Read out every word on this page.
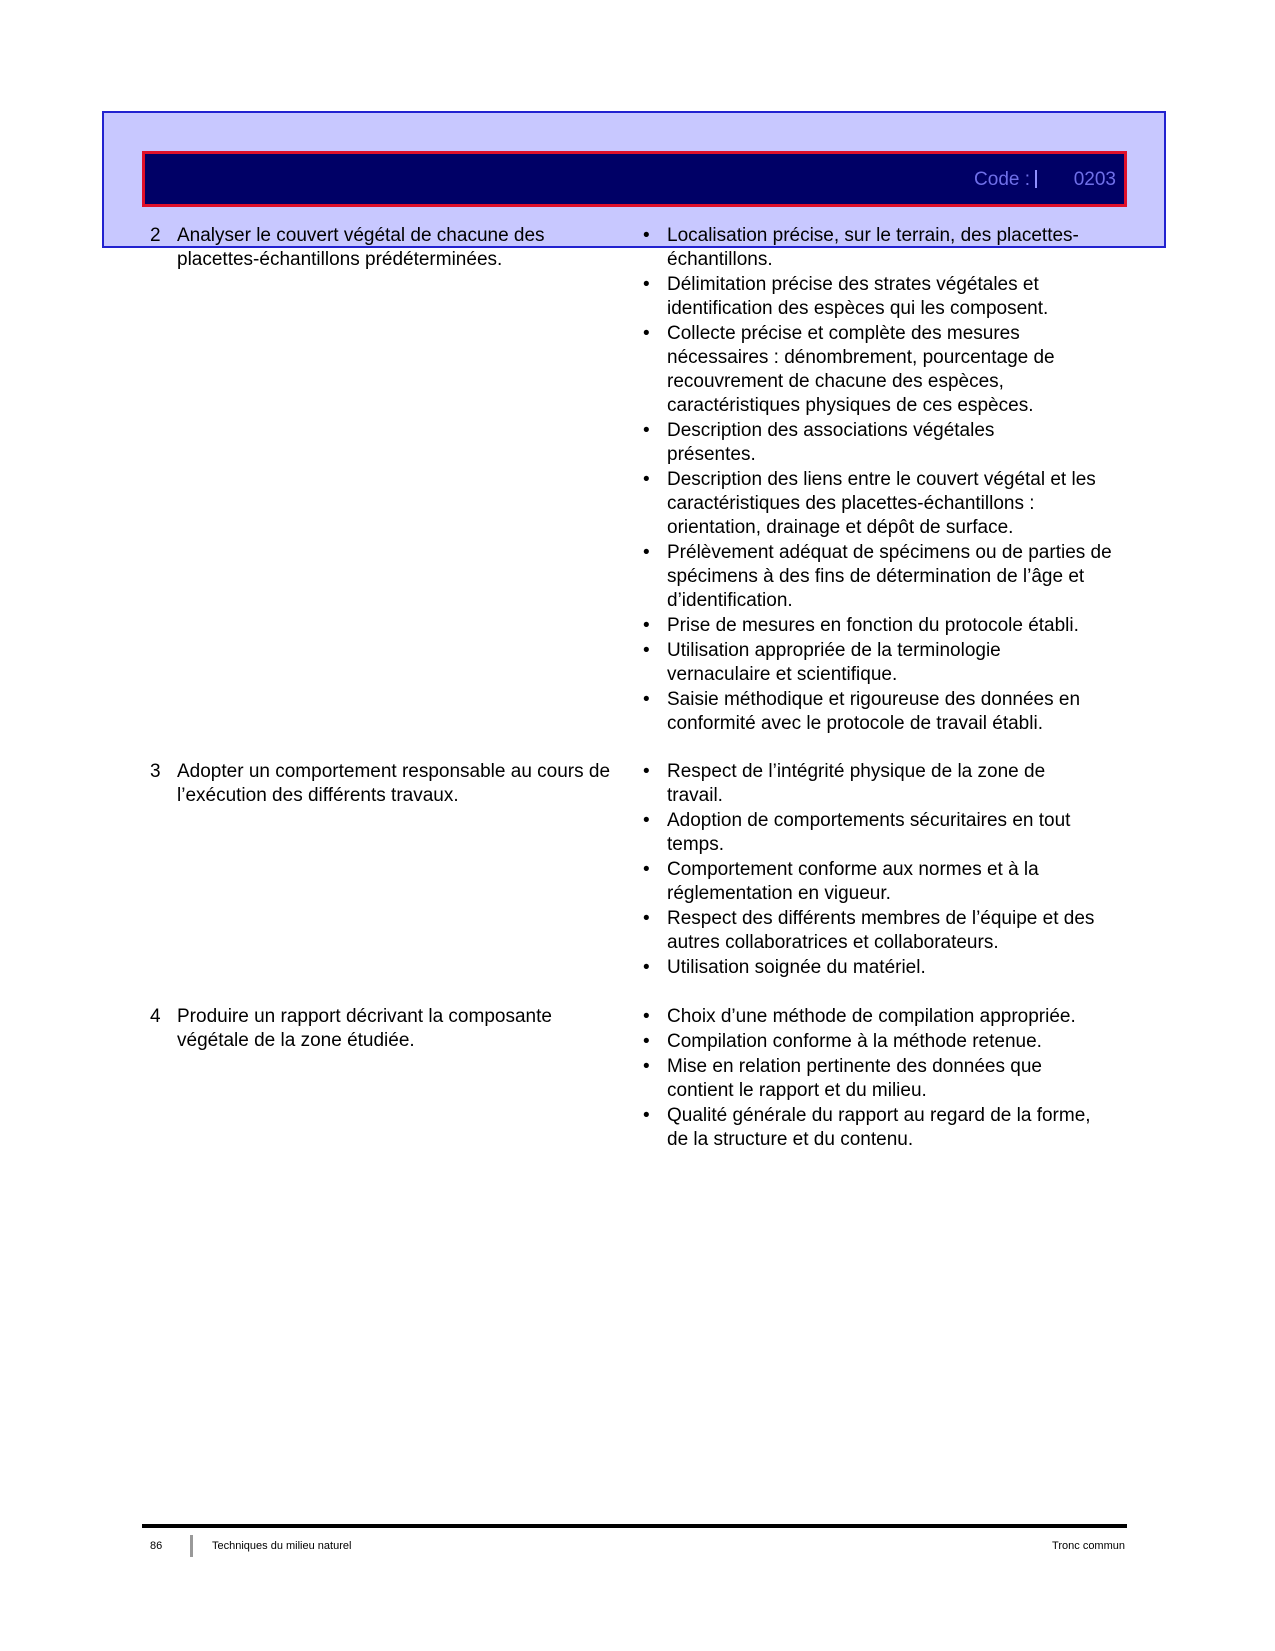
Code : 0203
2 Analyser le couvert végétal de chacune des placettes-échantillons prédéterminées.
• Localisation précise, sur le terrain, des placettes-échantillons.
• Délimitation précise des strates végétales et identification des espèces qui les composent.
• Collecte précise et complète des mesures nécessaires : dénombrement, pourcentage de recouvrement de chacune des espèces, caractéristiques physiques de ces espèces.
• Description des associations végétales présentes.
• Description des liens entre le couvert végétal et les caractéristiques des placettes-échantillons : orientation, drainage et dépôt de surface.
• Prélèvement adéquat de spécimens ou de parties de spécimens à des fins de détermination de l’âge et d’identification.
• Prise de mesures en fonction du protocole établi.
• Utilisation appropriée de la terminologie vernaculaire et scientifique.
• Saisie méthodique et rigoureuse des données en conformité avec le protocole de travail établi.
3 Adopter un comportement responsable au cours de l’exécution des différents travaux.
• Respect de l’intégrité physique de la zone de travail.
• Adoption de comportements sécuritaires en tout temps.
• Comportement conforme aux normes et à la réglementation en vigueur.
• Respect des différents membres de l’équipe et des autres collaboratrices et collaborateurs.
• Utilisation soignée du matériel.
4 Produire un rapport décrivant la composante végétale de la zone étudiée.
• Choix d’une méthode de compilation appropriée.
• Compilation conforme à la méthode retenue.
• Mise en relation pertinente des données que contient le rapport et du milieu.
• Qualité générale du rapport au regard de la forme, de la structure et du contenu.
86	Techniques du milieu naturel	Tronc commun
